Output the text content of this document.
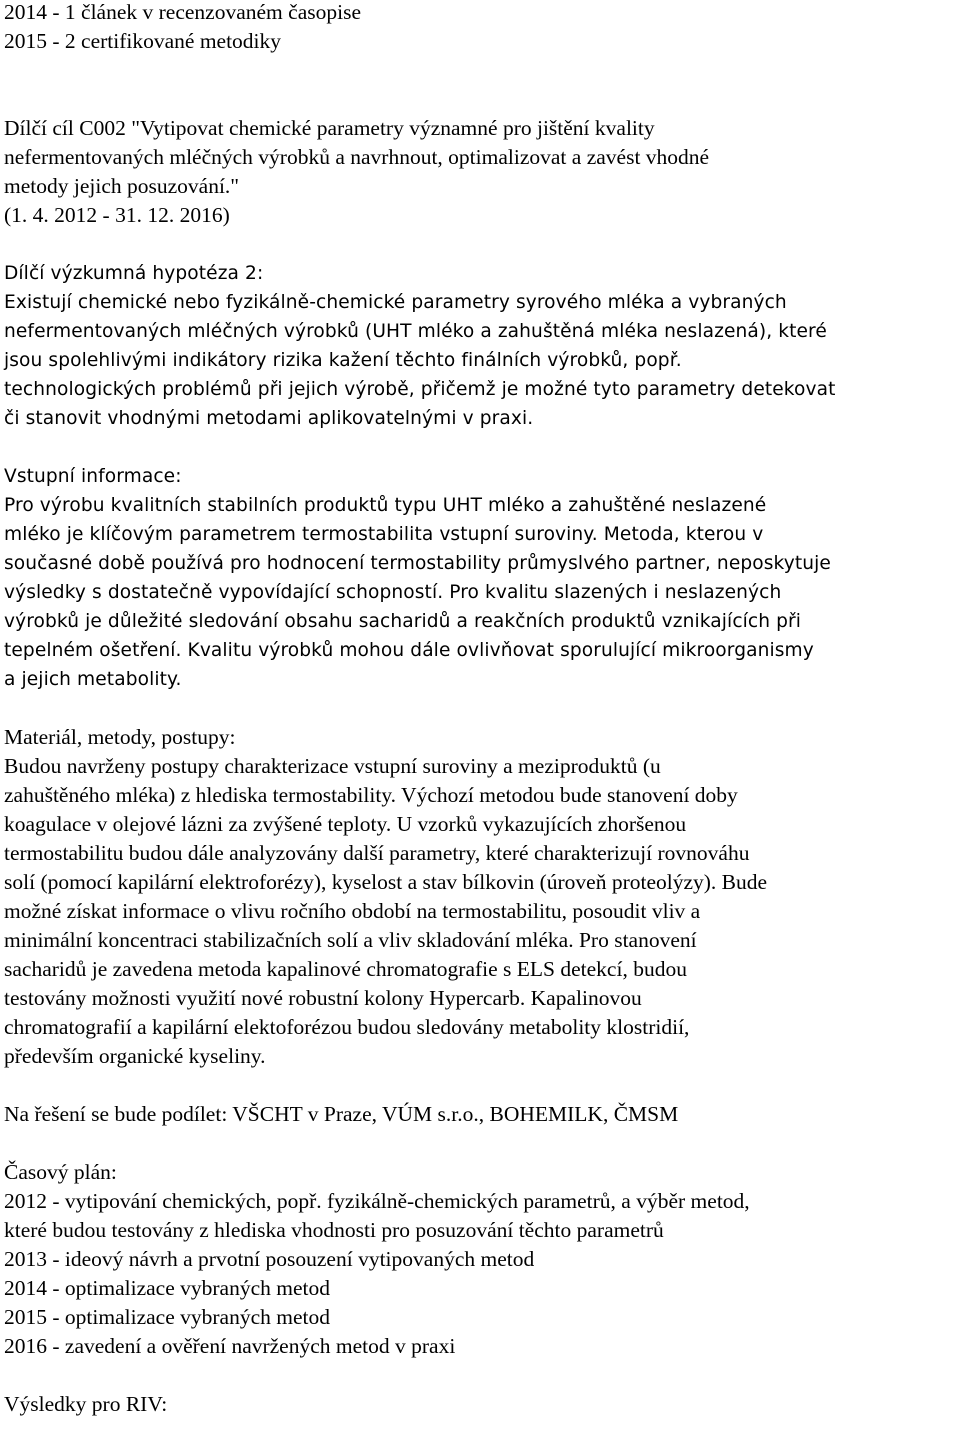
2014 - 1 článek v recenzovaném časopise
2015 - 2 certifikované metodiky
Dílčí cíl C002 "Vytipovat chemické parametry významné pro jištění kvality
nefermentovaných mléčných výrobků a navrhnout, optimalizovat a zavést vhodné
metody jejich posuzování."
(1. 4. 2012 - 31. 12. 2016)
Dílčí výzkumná hypotéza 2:
Existují chemické nebo fyzikálně-chemické parametry syrového mléka a vybraných
nefermentovaných mléčných výrobků (UHT mléko a zahuštěná mléka neslazená), které
jsou spolehlivými indikátory rizika kažení těchto finálních výrobků, popř.
technologických problémů při jejich výrobě, přičemž je možné tyto parametry detekovat
či stanovit vhodnými metodami aplikovatelnými v praxi.
Vstupní informace:
Pro výrobu kvalitních stabilních produktů typu UHT mléko a zahuštěné neslazené
mléko je klíčovým parametrem termostabilita vstupní suroviny. Metoda, kterou v
současné době používá pro hodnocení termostability průmyslvého partner, neposkytuje
výsledky s dostatečně vypovídající schopností. Pro kvalitu slazených i neslazených
výrobků je důležité sledování obsahu sacharidů a reakčních produktů vznikajících při
tepelném ošetření. Kvalitu výrobků mohou dále ovlivňovat sporulující mikroorganismy
a jejich metabolity.
Materiál, metody, postupy:
Budou navrženy postupy charakterizace vstupní suroviny a meziproduktů (u
zahuštěného mléka) z hlediska termostability. Výchozí metodou bude stanovení doby
koagulace v olejové lázni za zvýšené teploty. U vzorků vykazujících zhoršenou
termostabilitu budou dále analyzovány další parametry, které charakterizují rovnováhu
solí (pomocí kapilární elektroforézy), kyselost a stav bílkovin (úroveň proteolýzy). Bude
možné získat informace o vlivu ročního období na termostabilitu, posoudit vliv a
minimální koncentraci stabilizačních solí a vliv skladování mléka. Pro stanovení
sacharidů je zavedena metoda kapalinové chromatografie s ELS detekcí, budou
testovány možnosti využití nové robustní kolony Hypercarb. Kapalinovou
chromatografií a kapilární elektoforézou budou sledovány metabolity klostridií,
především organické kyseliny.
Na řešení se bude podílet: VŠCHT v Praze, VÚM s.r.o., BOHEMILK, ČMSM
Časový plán:
2012 - vytipování chemických, popř. fyzikálně-chemických parametrů, a výběr metod,
které budou testovány z hlediska vhodnosti pro posuzování těchto parametrů
2013 - ideový návrh a prvotní posouzení vytipovaných metod
2014 - optimalizace vybraných metod
2015 - optimalizace vybraných metod
2016 - zavedení a ověření navržených metod v praxi
Výsledky pro RIV:
